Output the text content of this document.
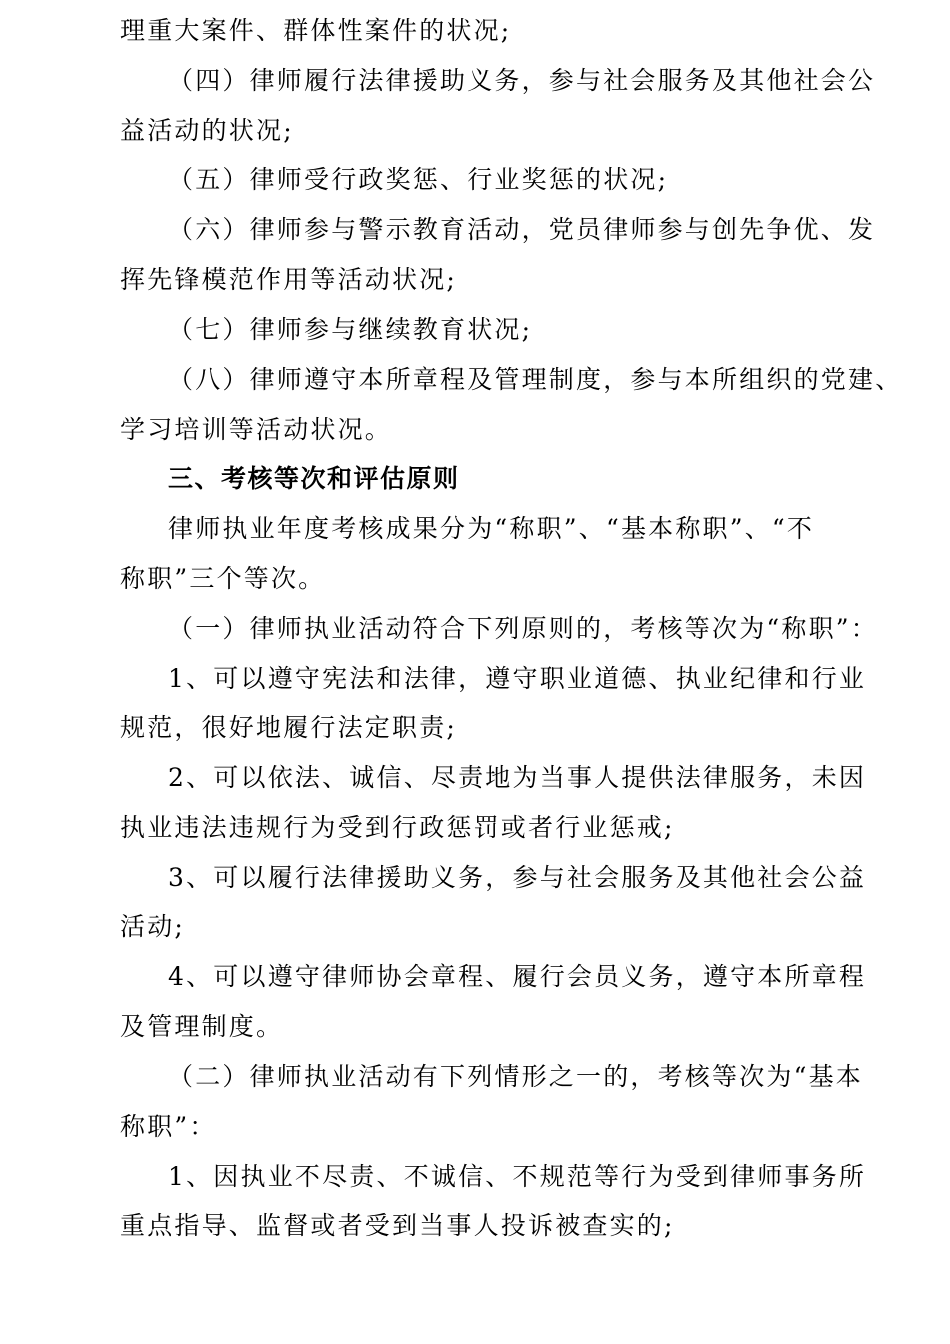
理重大案件、群体性案件的状况;
（四）律师履行法律援助义务，参与社会服务及其他社会公
益活动的状况;
（五）律师受行政奖惩、行业奖惩的状况;
（六）律师参与警示教育活动，党员律师参与创先争优、发
挥先锋模范作用等活动状况;
（七）律师参与继续教育状况;
（八）律师遵守本所章程及管理制度，参与本所组织的党建、
学习培训等活动状况。
三、考核等次和评估原则
律师执业年度考核成果分为“称职”、“基本称职”、“不
称职”三个等次。
（一）律师执业活动符合下列原则的，考核等次为“称职”：
1、可以遵守宪法和法律，遵守职业道德、执业纪律和行业
规范，很好地履行法定职责;
2、可以依法、诚信、尽责地为当事人提供法律服务，未因
执业违法违规行为受到行政惩罚或者行业惩戒;
3、可以履行法律援助义务，参与社会服务及其他社会公益
活动;
4、可以遵守律师协会章程、履行会员义务，遵守本所章程
及管理制度。
（二）律师执业活动有下列情形之一的，考核等次为“基本
称职”：
1、因执业不尽责、不诚信、不规范等行为受到律师事务所
重点指导、监督或者受到当事人投诉被查实的;
